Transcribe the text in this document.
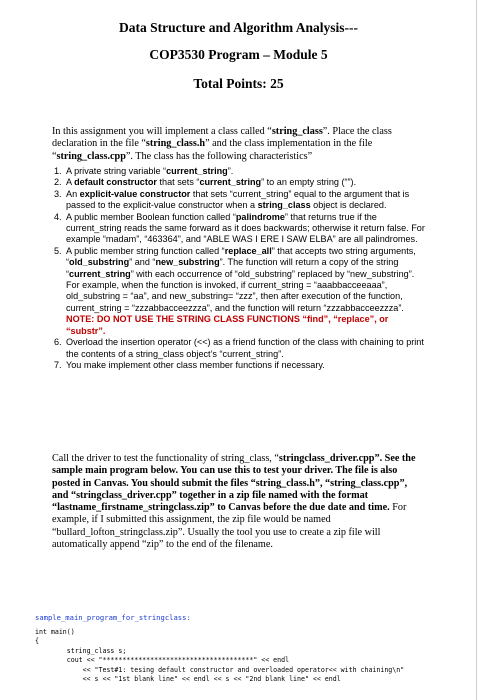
Data Structure and Algorithm Analysis---

COP3530 Program – Module 5

Total Points: 25

In this assignment you will implement a class called “string_class”. Place the class declaration in the file “string_class.h” and the class implementation in the file “string_class.cpp”. The class has the following characteristics”
1. A private string variable “current_string”.
2. A default constructor that sets “current_string” to an empty string (“”).
3. An explicit-value constructor that sets “current_string” equal to the argument that is passed to the explicit-value constructor when a string_class object is declared.
4. A public member Boolean function called “palindrome” that returns true if the current_string reads the same forward as it does backwards; otherwise it return false. For example “madam”, “463364”, and “ABLE WAS I ERE I SAW ELBA” are all palindromes.
5. A public member string function called “replace_all” that accepts two string arguments, “old_substring” and “new_substring”. The function will return a copy of the string “current_string” with each occurrence of “old_substring” replaced by “new_substring”. For example, when the function is invoked, if current_string = “aaabbacceeaaa”, old_substring = “aa”, and new_substring= “zzz”, then after execution of the function, current_string = “zzzabbacceezzza”, and the function will return “zzzabbacceezzza”. NOTE: DO NOT USE THE STRING CLASS FUNCTIONS “find”, “replace”, or “substr”.
6. Overload the insertion operator (<<) as a friend function of the class with chaining to print the contents of a string_class object’s “current_string”.
7. You make implement other class member functions if necessary.
Call the driver to test the functionality of string_class, “stringclass_driver.cpp”. See the sample main program below. You can use this to test your driver. The file is also posted in Canvas. You should submit the files “string_class.h”, “string_class.cpp”, and “stringclass_driver.cpp” together in a zip file named with the format “lastname_firstname_stringclass.zip” to Canvas before the due date and time. For example, if I submitted this assignment, the zip file would be named “bullard_lofton_stringclass.zip”. Usually the tool you use to create a zip file will automatically append “zip” to the end of the filename.
sample_main_program_for_stringclass:
int main()
{
string_class s;
cout << "**************************************" << endl
<< "Test#1: tesing default constructor and overloaded operator<< with chaining\n"
<< s << "1st blank line" << endl << s << "2nd blank line" << endl
